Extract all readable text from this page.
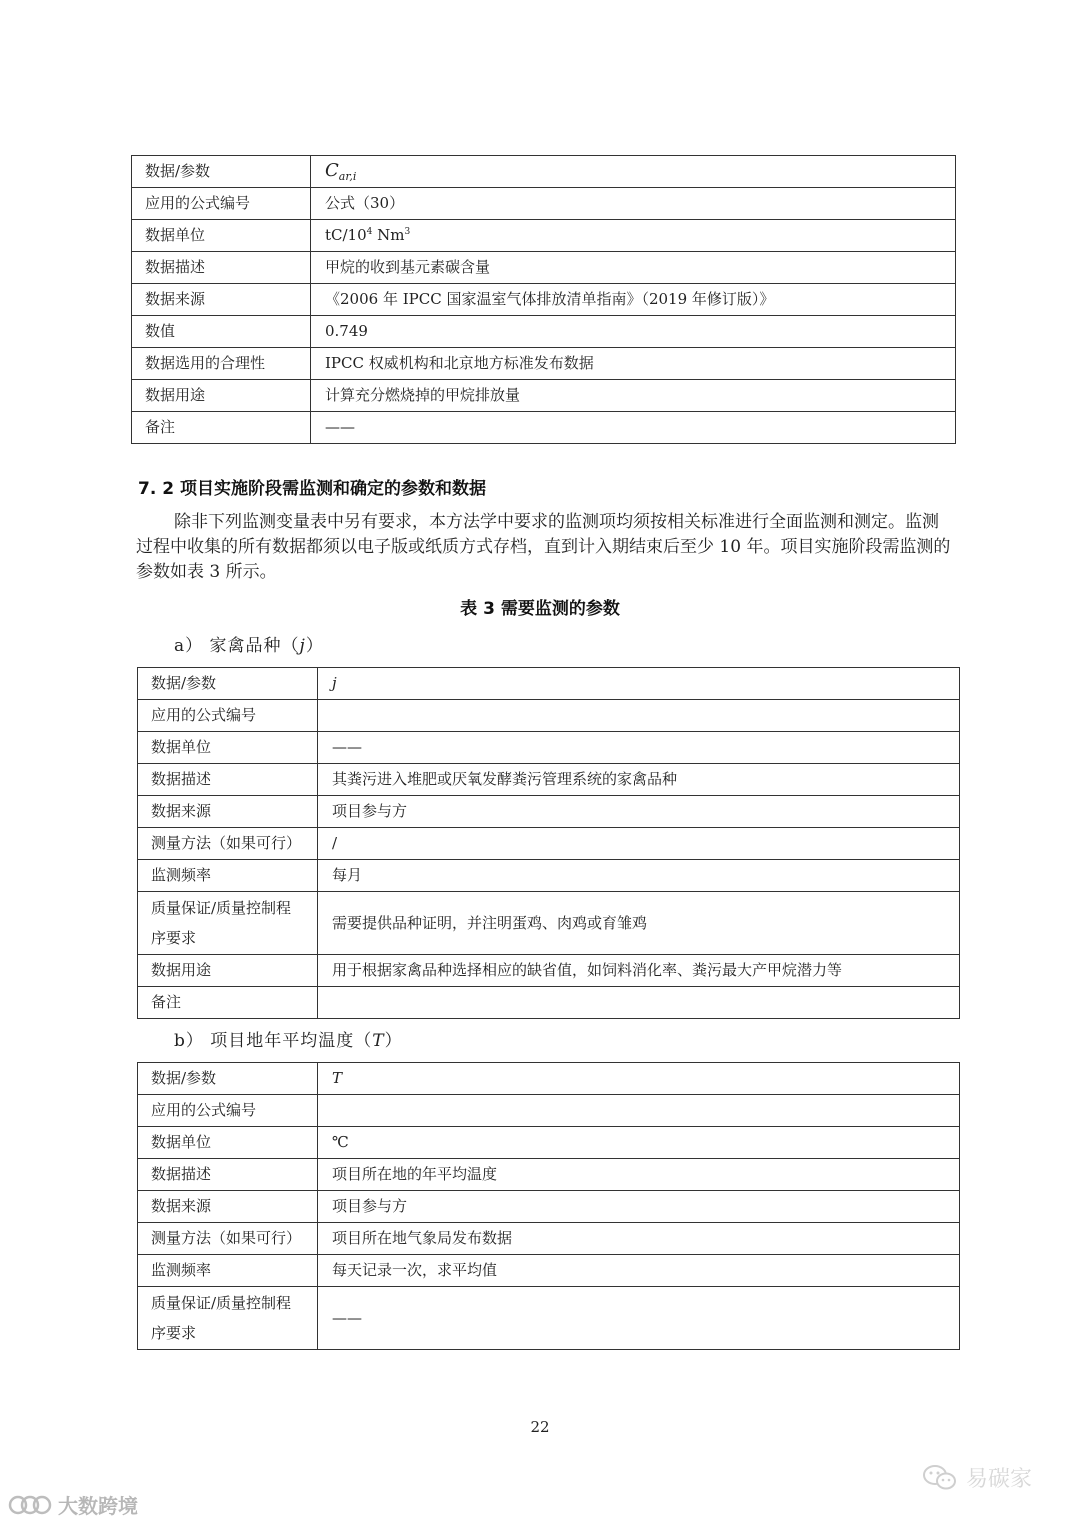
数据/参数	$C_{ar,i}$
应用的公式编号	公式（30）
数据单位	$tC/10^4$ Nm$^3$
数据描述	甲烷的收到基元素碳含量
数据来源	《2006 年 IPCC 国家温室气体排放清单指南》（2019 年修订版）》
数值	0.749
数据选用的合理性	IPCC 权威机构和北京地方标准发布数据
数据用途	计算充分燃烧掉的甲烷排放量
备注	——
7. 2 项目实施阶段需监测和确定的参数和数据
除非下列监测变量表中另有要求，本方法学中要求的监测项均须按相关标准进行全面监测和测定。监测过程中收集的所有数据都须以电子版或纸质方式存档，直到计入期结束后至少 10 年。项目实施阶段需监测的参数如表 3 所示。
表 3 需要监测的参数
a） 家禽品种（j）
数据/参数	j
应用的公式编号	
数据单位	——
数据描述	其粪污进入堆肥或厌氧发酵粪污管理系统的家禽品种
数据来源	项目参与方
测量方法（如果可行）	/
监测频率	每月
质量保证/质量控制程序要求	需要提供品种证明，并注明蛋鸡、肉鸡或育雏鸡
数据用途	用于根据家禽品种选择相应的缺省值，如饲料消化率、粪污最大产甲烷潜力等
备注	
b） 项目地年平均温度（T）
数据/参数	T
应用的公式编号	
数据单位	℃
数据描述	项目所在地的年平均温度
数据来源	项目参与方
测量方法（如果可行）	项目所在地气象局发布数据
监测频率	每天记录一次，求平均值
质量保证/质量控制程序要求	——
22
大数跨境
易碳家
